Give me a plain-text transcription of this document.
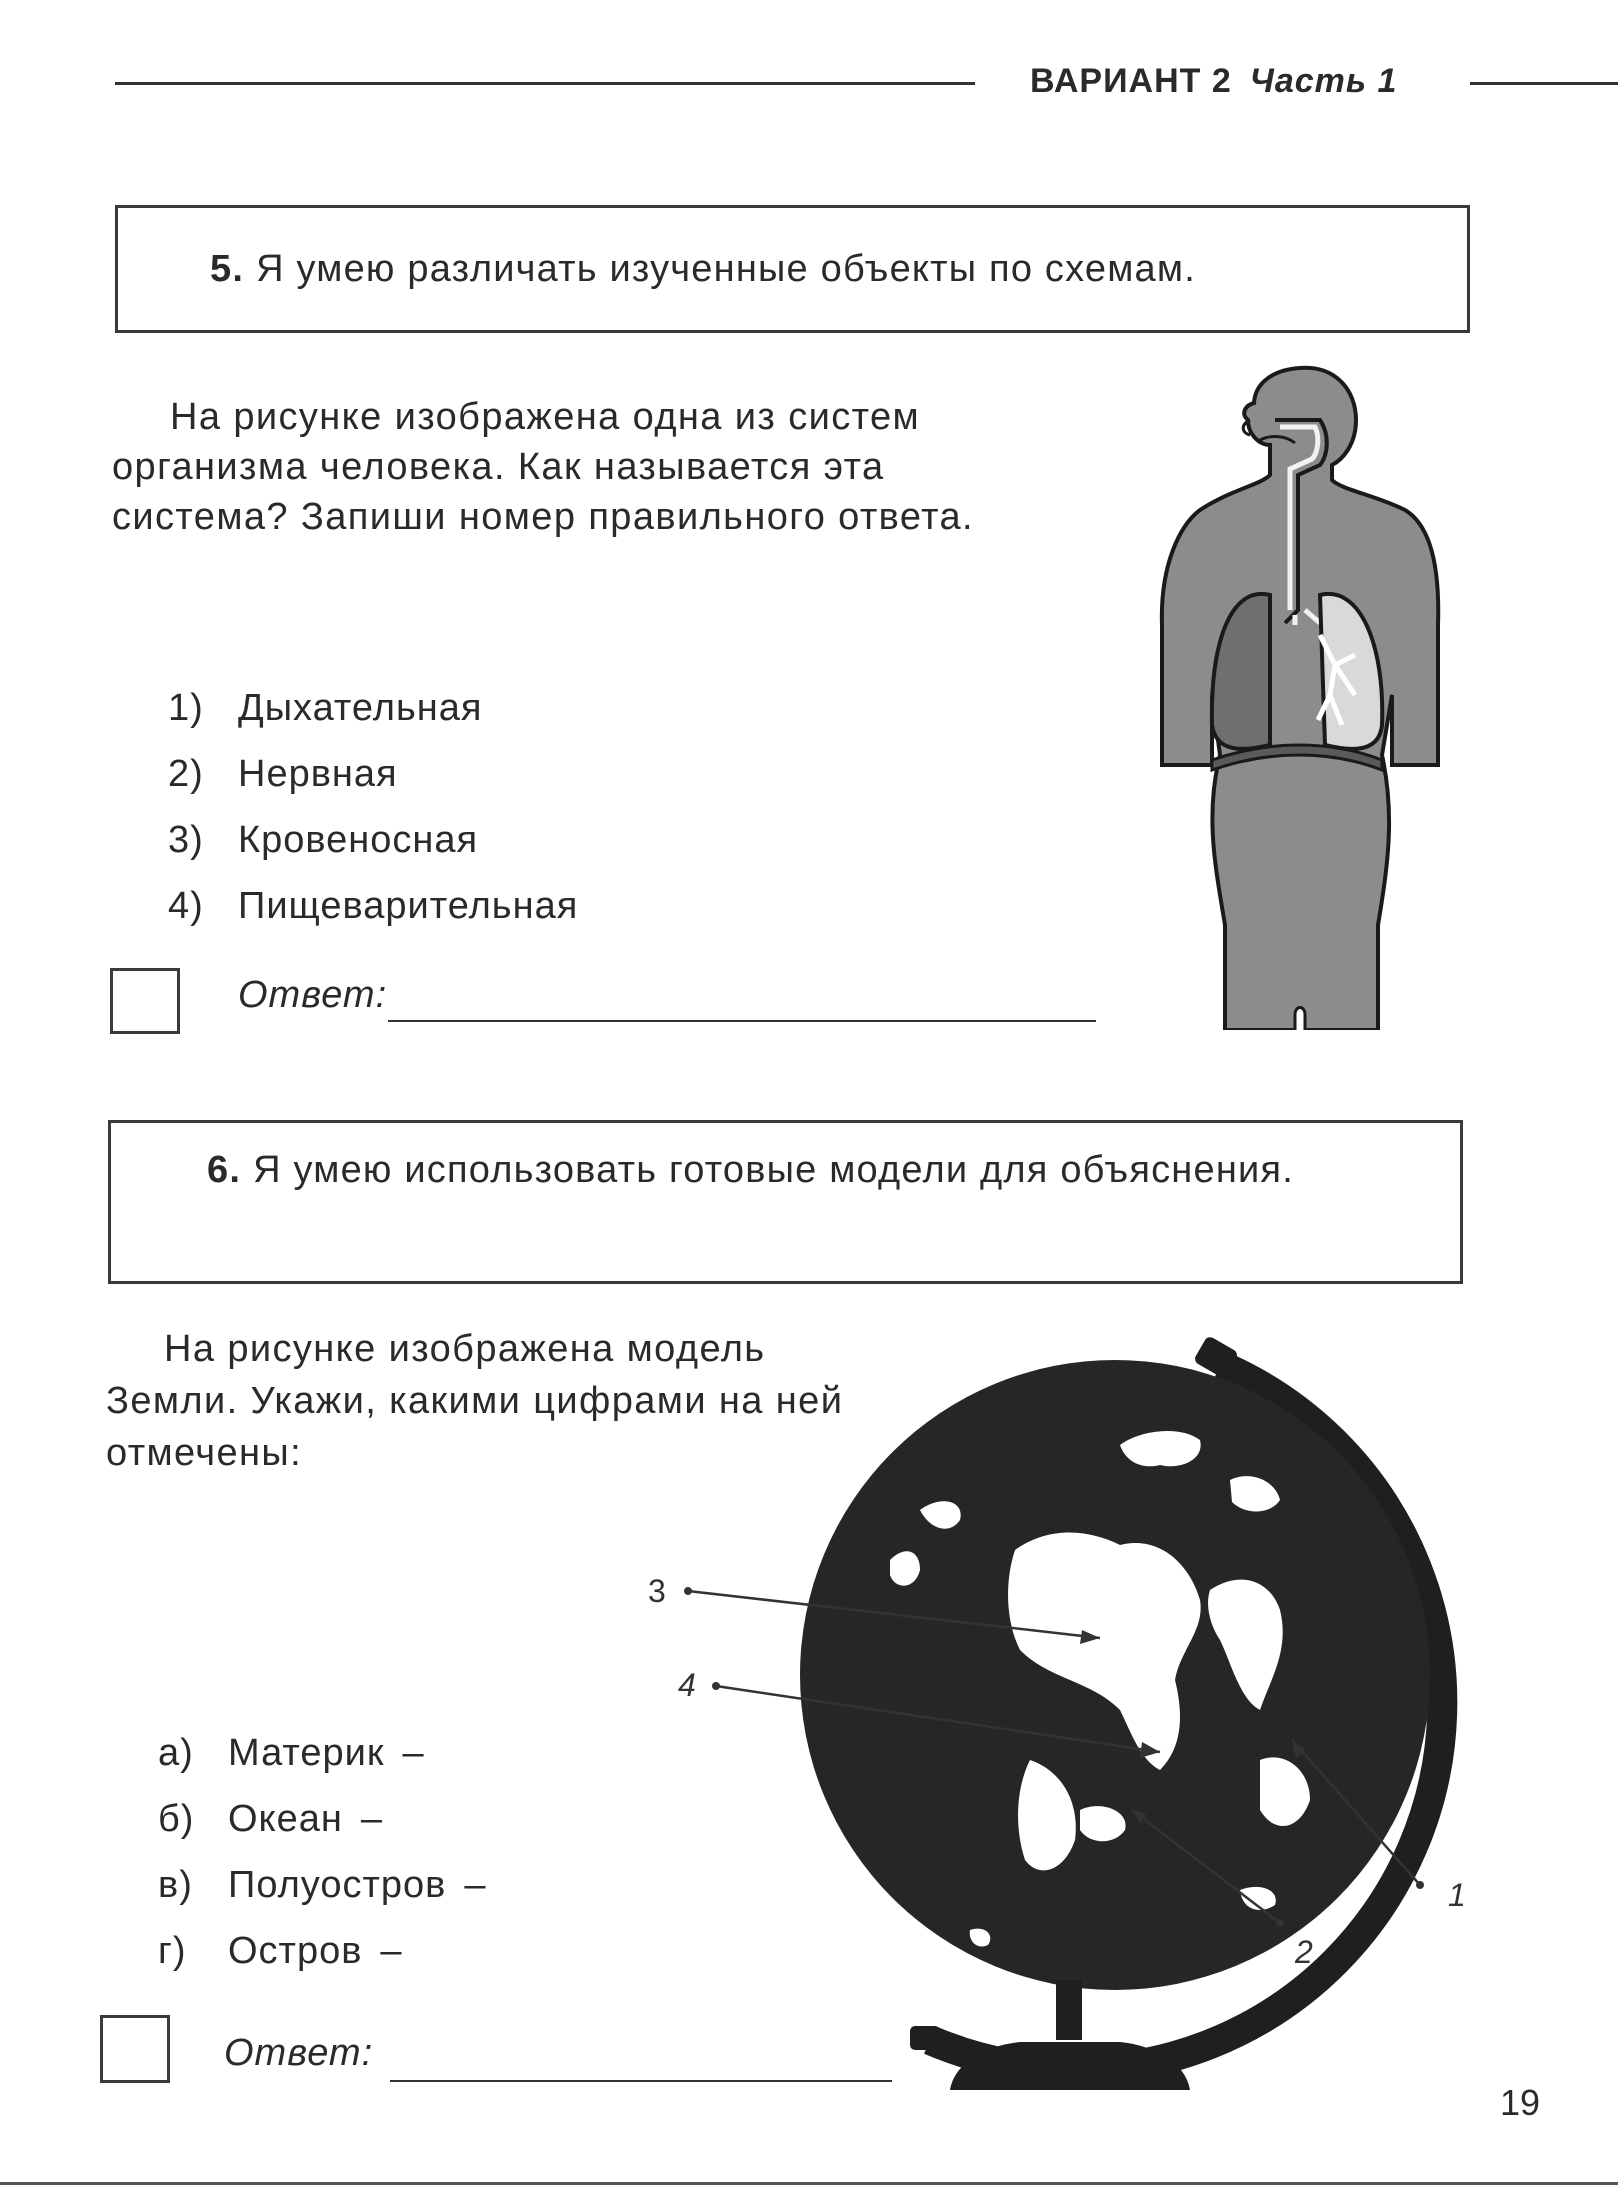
ВАРИАНТ 2 Часть 1
5. Я умею различать изученные объекты по схемам.
На рисунке изображена одна из систем организма человека. Как называется эта система? Запиши номер правильного ответа.
1) Дыхательная
2) Нервная
3) Кровеносная
4) Пищеварительная
Ответ:
6. Я умею использовать готовые модели для объяснения.
На рисунке изображена модель Земли. Укажи, какими цифрами на ней отмечены:
а) Материк –
б) Океан –
в) Полуостров –
г) Остров –
Ответ:
3
4
1
2
19
